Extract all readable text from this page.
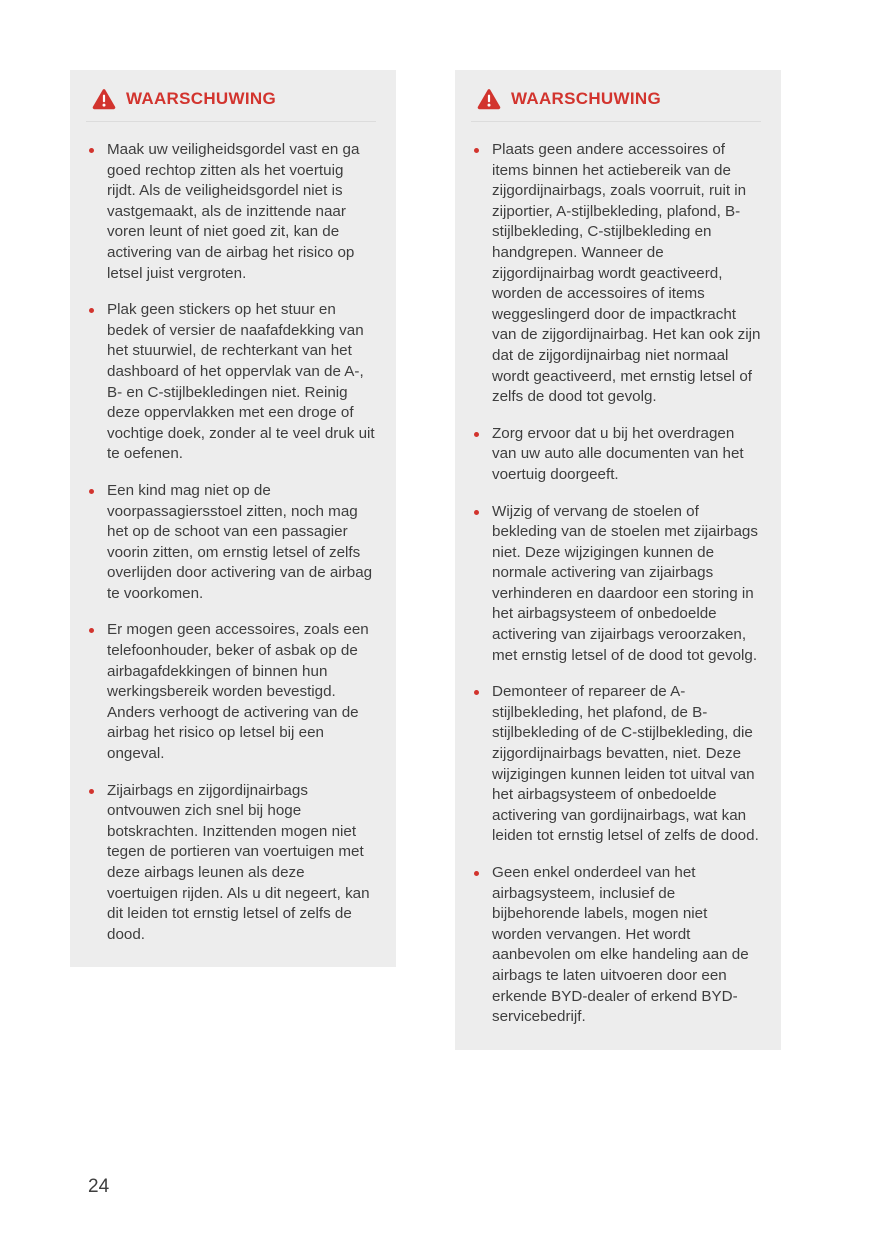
WAARSCHUWING
Maak uw veiligheidsgordel vast en ga goed rechtop zitten als het voertuig rijdt. Als de veiligheidsgordel niet is vastgemaakt, als de inzittende naar voren leunt of niet goed zit, kan de activering van de airbag het risico op letsel juist vergroten.
Plak geen stickers op het stuur en bedek of versier de naafafdekking van het stuurwiel, de rechterkant van het dashboard of het oppervlak van de A-, B- en C-stijlbekledingen niet. Reinig deze oppervlakken met een droge of vochtige doek, zonder al te veel druk uit te oefenen.
Een kind mag niet op de voorpassagiersstoel zitten, noch mag het op de schoot van een passagier voorin zitten, om ernstig letsel of zelfs overlijden door activering van de airbag te voorkomen.
Er mogen geen accessoires, zoals een telefoonhouder, beker of asbak op de airbagafdekkingen of binnen hun werkingsbereik worden bevestigd. Anders verhoogt de activering van de airbag het risico op letsel bij een ongeval.
Zijairbags en zijgordijnairbags ontvouwen zich snel bij hoge botskrachten. Inzittenden mogen niet tegen de portieren van voertuigen met deze airbags leunen als deze voertuigen rijden. Als u dit negeert, kan dit leiden tot ernstig letsel of zelfs de dood.
WAARSCHUWING
Plaats geen andere accessoires of items binnen het actiebereik van de zijgordijnairbags, zoals voorruit, ruit in zijportier, A-stijlbekleding, plafond, B-stijlbekleding, C-stijlbekleding en handgrepen. Wanneer de zijgordijnairbag wordt geactiveerd, worden de accessoires of items weggeslingerd door de impactkracht van de zijgordijnairbag. Het kan ook zijn dat de zijgordijnairbag niet normaal wordt geactiveerd, met ernstig letsel of zelfs de dood tot gevolg.
Zorg ervoor dat u bij het overdragen van uw auto alle documenten van het voertuig doorgeeft.
Wijzig of vervang de stoelen of bekleding van de stoelen met zijairbags niet. Deze wijzigingen kunnen de normale activering van zijairbags verhinderen en daardoor een storing in het airbagsysteem of onbedoelde activering van zijairbags veroorzaken, met ernstig letsel of de dood tot gevolg.
Demonteer of repareer de A-stijlbekleding, het plafond, de B-stijlbekleding of de C-stijlbekleding, die zijgordijnairbags bevatten, niet. Deze wijzigingen kunnen leiden tot uitval van het airbagsysteem of onbedoelde activering van gordijnairbags, wat kan leiden tot ernstig letsel of zelfs de dood.
Geen enkel onderdeel van het airbagsysteem, inclusief de bijbehorende labels, mogen niet worden vervangen. Het wordt aanbevolen om elke handeling aan de airbags te laten uitvoeren door een erkende BYD-dealer of erkend BYD-servicebedrijf.
24
